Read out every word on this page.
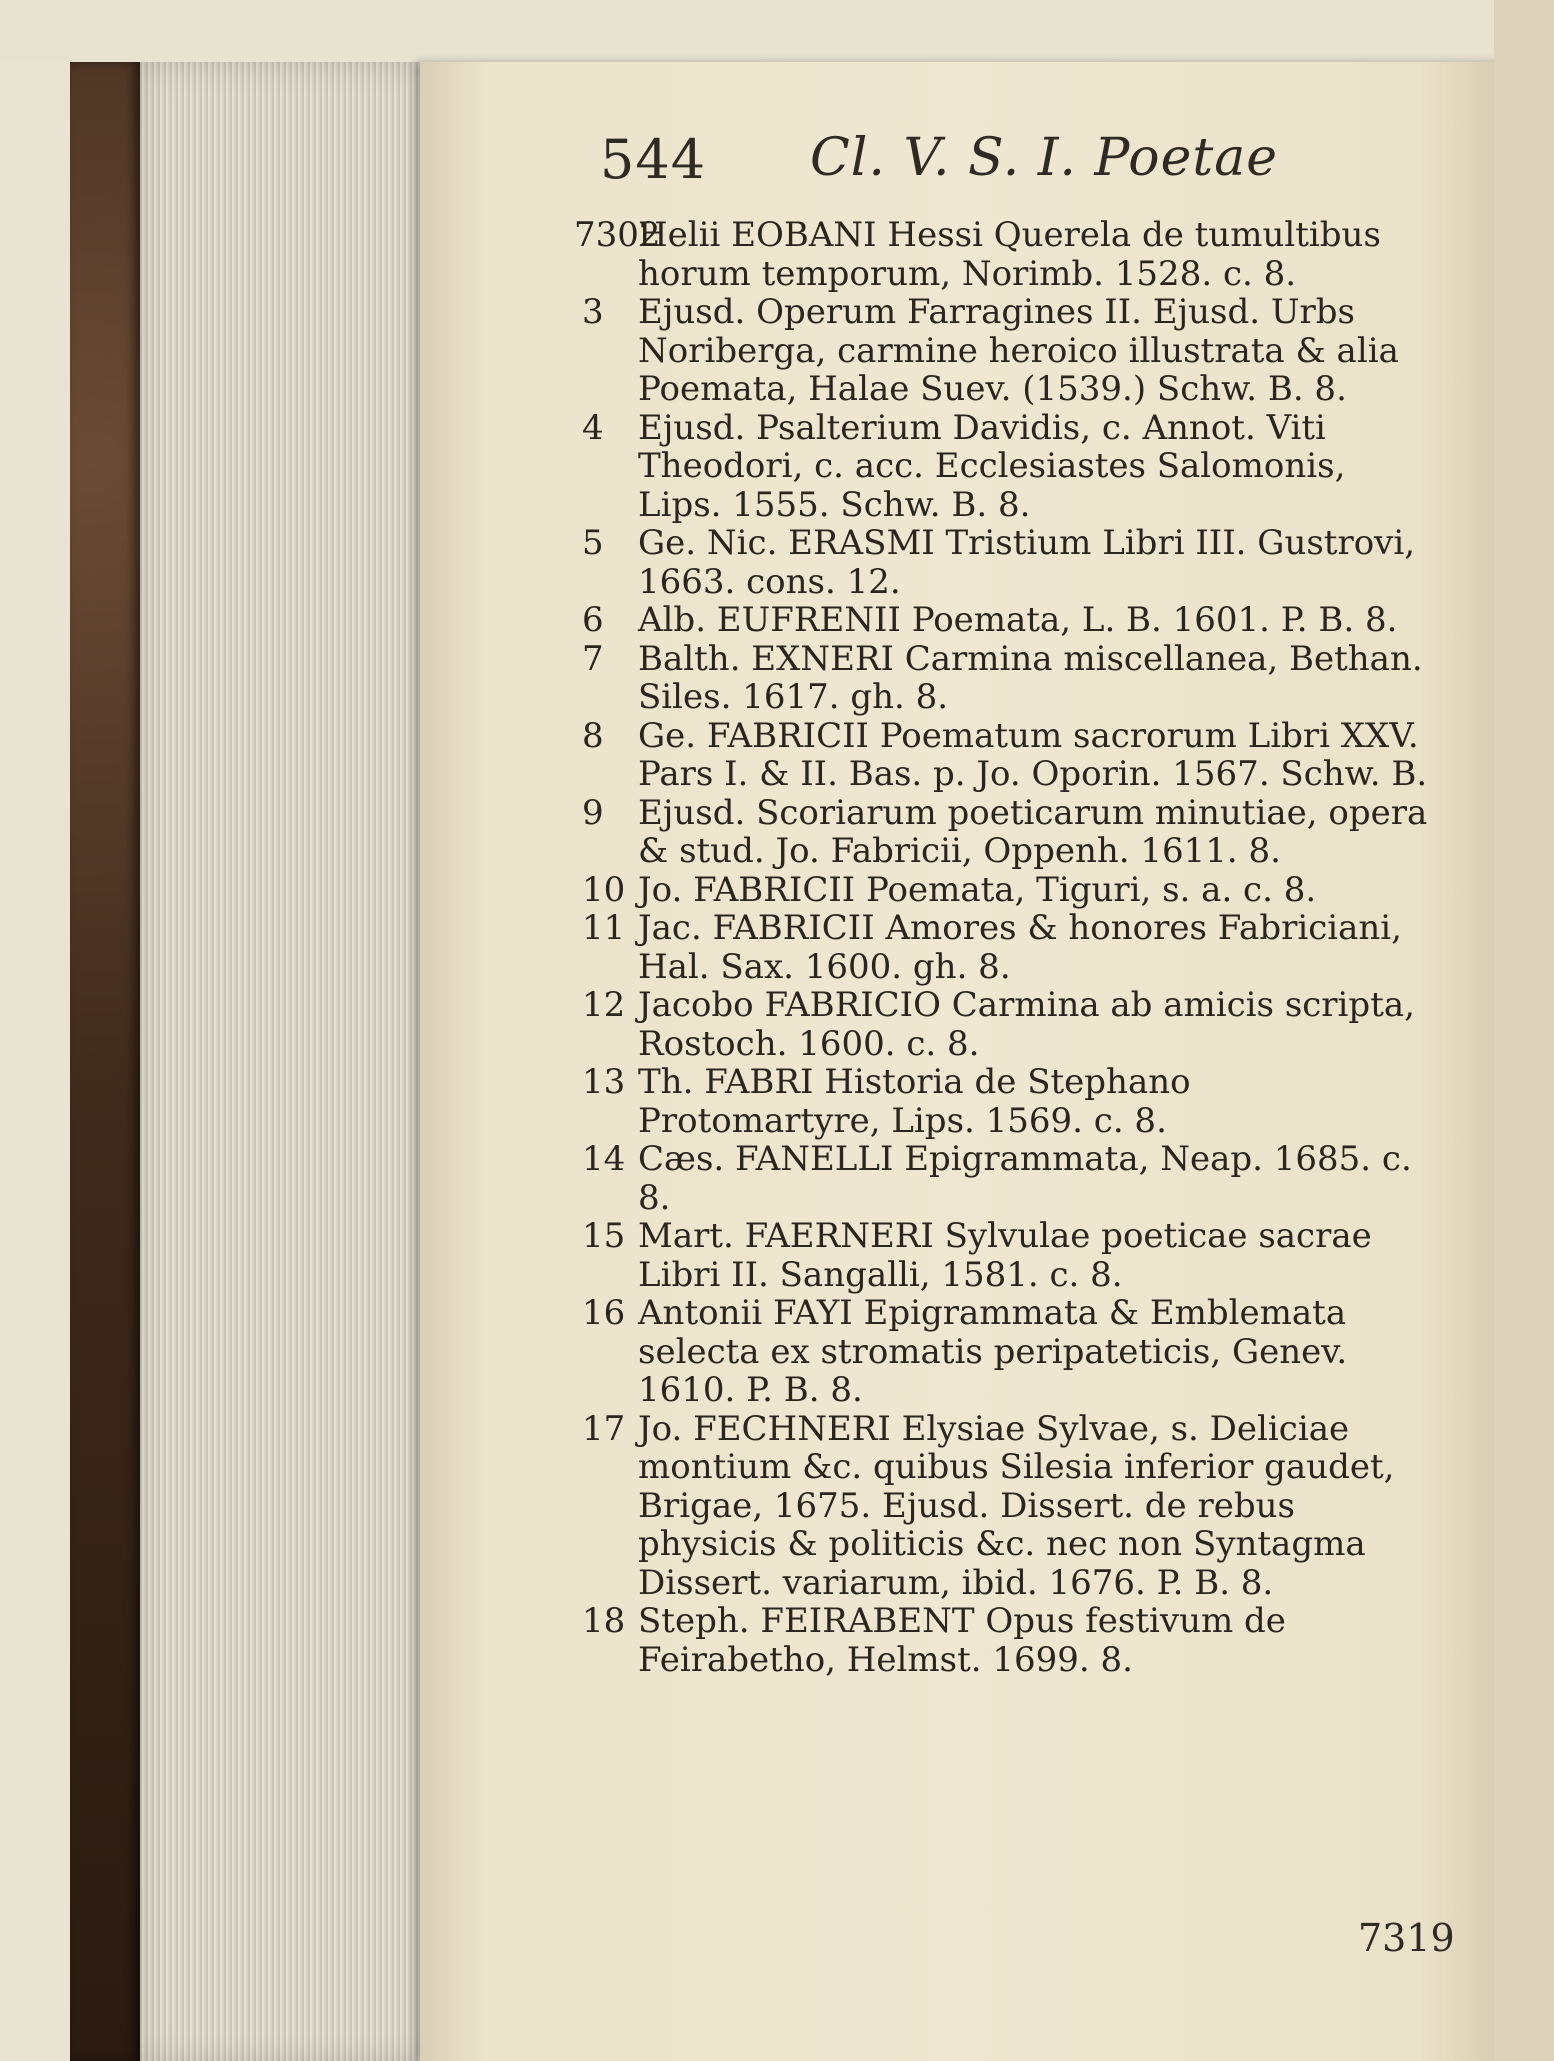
544 Cl. V. S. I. Poetae

7302
Helii EOBANI Hessi Querela de tumultibus horum temporum, Norimb. 1528. c. 8.

3 Ejusd. Operum Farragines II. Ejusd. Urbs Noriberga, carmine heroico illustrata & alia Poemata, Halae Suev. (1539.) Schw. B. 8.

4 Ejusd. Psalterium Davidis, c. Annot. Viti Theodori, c. acc. Ecclesiastes Salomonis, Lips. 1555. Schw. B. 8.

5 Ge. Nic. ERASMI Tristium Libri III. Gustrovi, 1663. cons. 12.

6 Alb. EUFRENII Poemata, L. B. 1601. P. B. 8.

7 Balth. EXNERI Carmina miscellanea, Bethan. Siles. 1617. gh. 8.

8 Ge. FABRICII Poematum sacrorum Libri XXV. Pars I. & II. Bas. p. Jo. Oporin. 1567. Schw. B.

9 Ejusd. Scoriarum poeticarum minutiae, opera & stud. Jo. Fabricii, Oppenh. 1611. 8.

10 Jo. FABRICII Poemata, Tiguri, s. a. c. 8.

11 Jac. FABRICII Amores & honores Fabriciani, Hal. Sax. 1600. gh. 8.

12 Jacobo FABRICIO Carmina ab amicis scripta, Rostoch. 1600. c. 8.

13 Th. FABRI Historia de Stephano Protomartyre, Lips. 1569. c. 8.

14 Cæs. FANELLI Epigrammata, Neap. 1685. c. 8.

15 Mart. FAERNERI Sylvulae poeticae sacrae Libri II. Sangalli, 1581. c. 8.

16 Antonii FAYI Epigrammata & Emblemata selecta ex stromatis peripateticis, Genev. 1610. P. B. 8.

17 Jo. FECHNERI Elysiae Sylvae, s. Deliciae montium &c. quibus Silesia inferior gaudet, Brigae, 1675. Ejusd. Dissert. de rebus physicis & politicis &c. nec non Syntagma Dissert. variarum, ibid. 1676. P. B. 8.

18 Steph. FEIRABENT Opus festivum de Feirabetho, Helmst. 1699. 8.

7319
